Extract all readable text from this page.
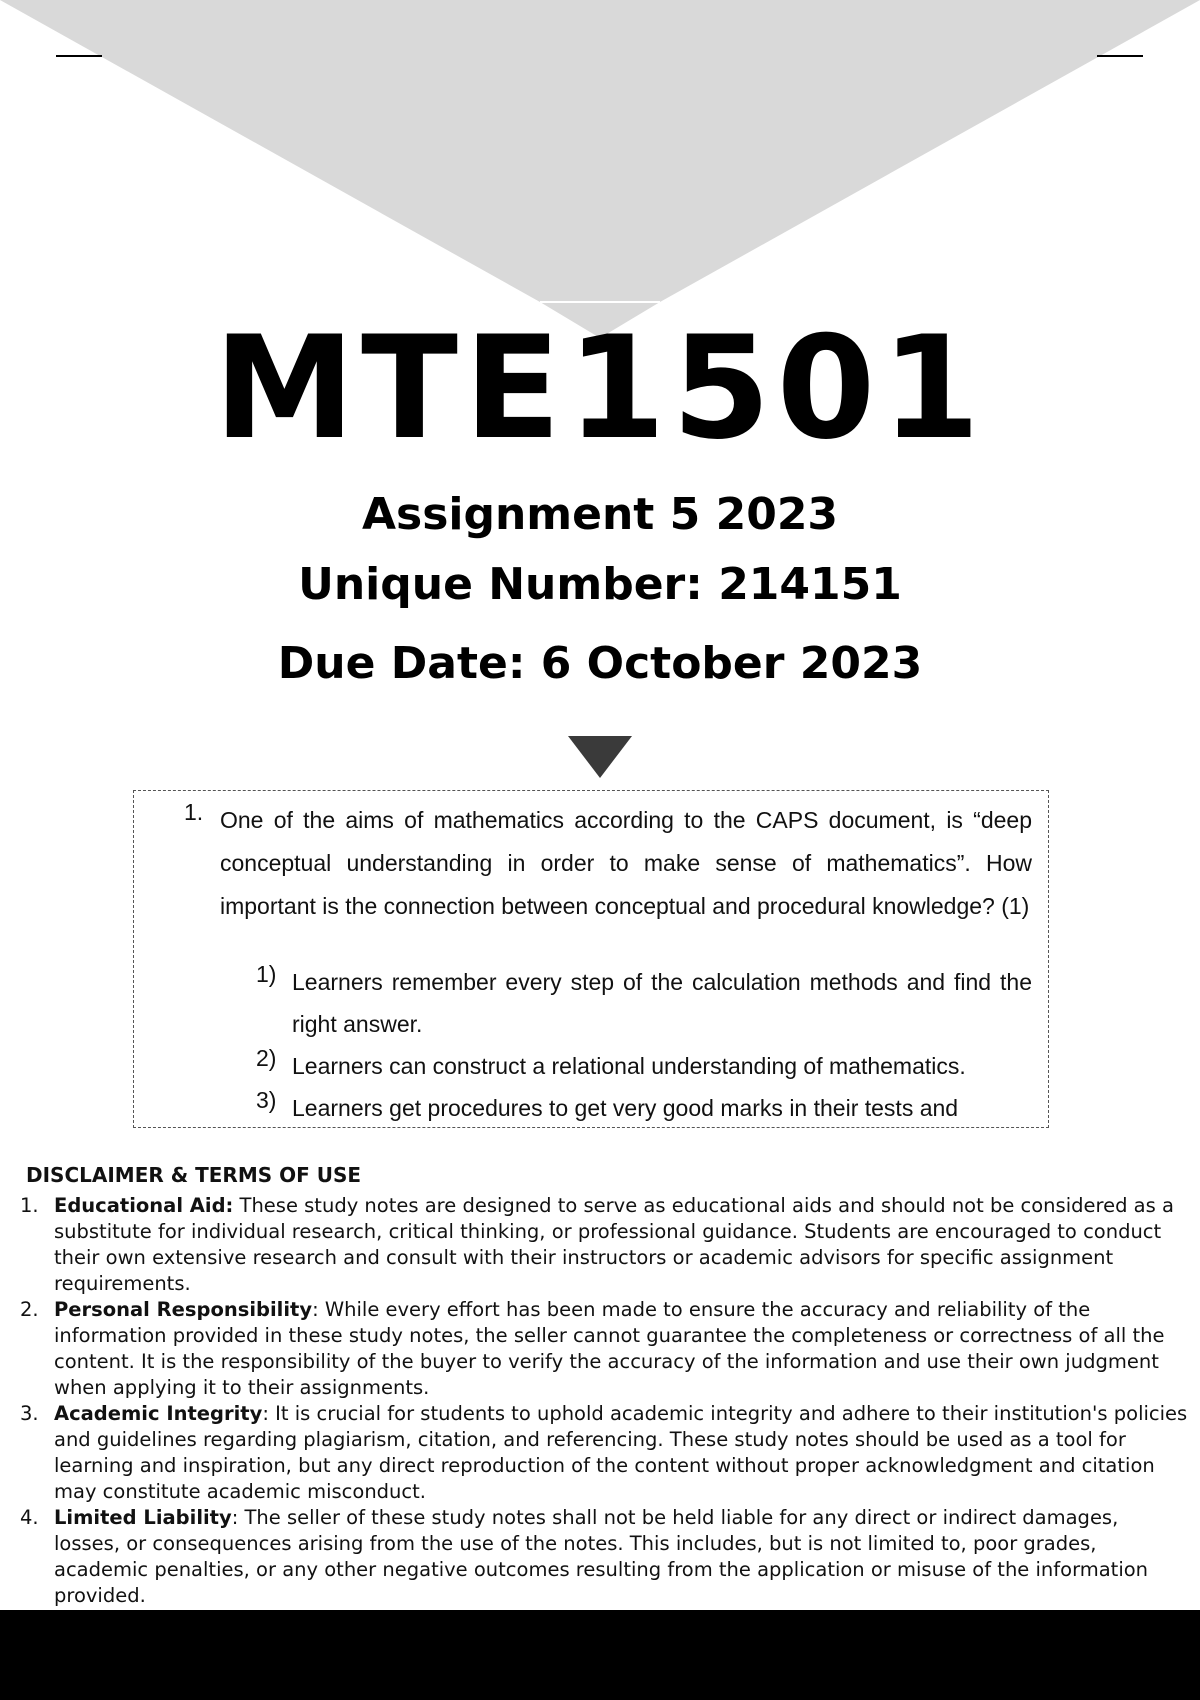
MTE1501
Assignment 5 2023
Unique Number: 214151
Due Date: 6 October 2023
1. One of the aims of mathematics according to the CAPS document, is “deep conceptual understanding in order to make sense of mathematics”. How important is the connection between conceptual and procedural knowledge? (1)

1) Learners remember every step of the calculation methods and find the right answer.

2) Learners can construct a relational understanding of mathematics.

3) Learners get procedures to get very good marks in their tests and

DISCLAIMER & TERMS OF USE
1. Educational Aid: These study notes are designed to serve as educational aids and should not be considered as a substitute for individual research, critical thinking, or professional guidance. Students are encouraged to conduct their own extensive research and consult with their instructors or academic advisors for specific assignment requirements.
2. Personal Responsibility: While every effort has been made to ensure the accuracy and reliability of the information provided in these study notes, the seller cannot guarantee the completeness or correctness of all the content. It is the responsibility of the buyer to verify the accuracy of the information and use their own judgment when applying it to their assignments.
3. Academic Integrity: It is crucial for students to uphold academic integrity and adhere to their institution's policies and guidelines regarding plagiarism, citation, and referencing. These study notes should be used as a tool for learning and inspiration, but any direct reproduction of the content without proper acknowledgment and citation may constitute academic misconduct.
4. Limited Liability: The seller of these study notes shall not be held liable for any direct or indirect damages, losses, or consequences arising from the use of the notes. This includes, but is not limited to, poor grades, academic penalties, or any other negative outcomes resulting from the application or misuse of the information provided.
